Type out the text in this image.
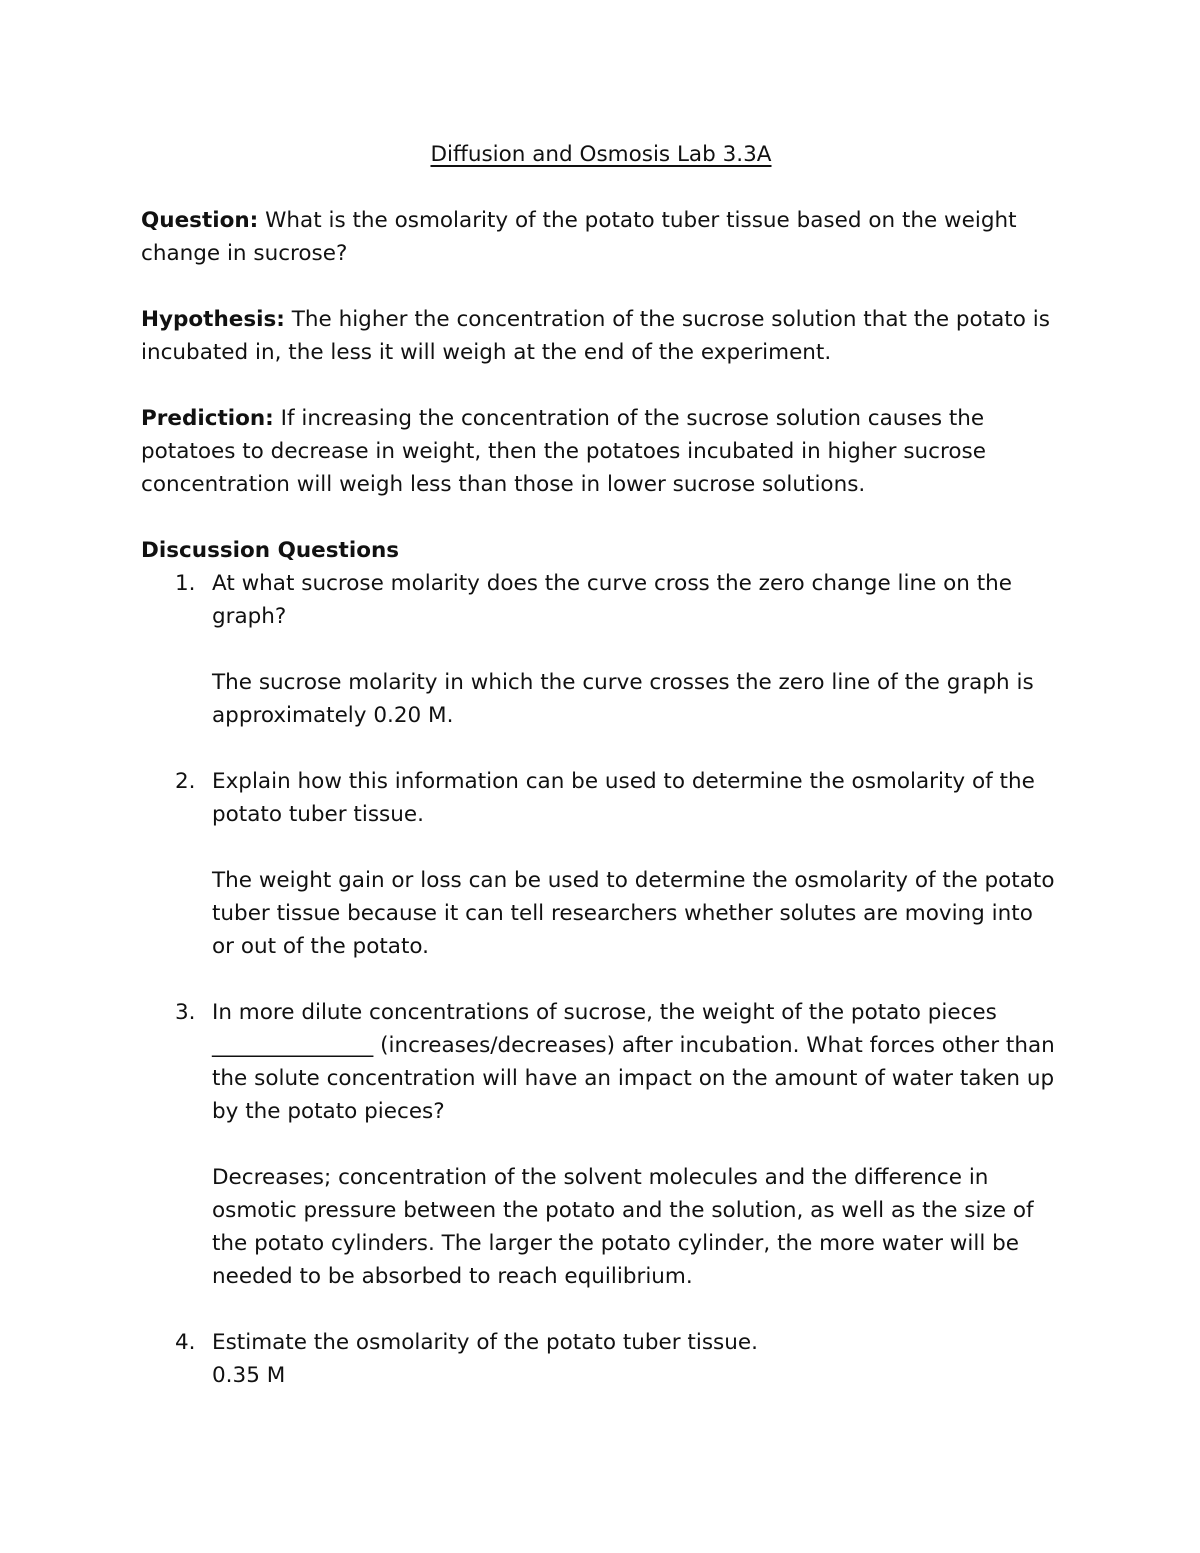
Diffusion and Osmosis Lab 3.3A

Question: What is the osmolarity of the potato tuber tissue based on the weight change in sucrose?

Hypothesis: The higher the concentration of the sucrose solution that the potato is incubated in, the less it will weigh at the end of the experiment.

Prediction: If increasing the concentration of the sucrose solution causes the potatoes to decrease in weight, then the potatoes incubated in higher sucrose concentration will weigh less than those in lower sucrose solutions.

Discussion Questions

1. At what sucrose molarity does the curve cross the zero change line on the graph?

The sucrose molarity in which the curve crosses the zero line of the graph is approximately 0.20 M.

2. Explain how this information can be used to determine the osmolarity of the potato tuber tissue.

The weight gain or loss can be used to determine the osmolarity of the potato tuber tissue because it can tell researchers whether solutes are moving into or out of the potato.

3. In more dilute concentrations of sucrose, the weight of the potato pieces _______________ (increases/decreases) after incubation. What forces other than the solute concentration will have an impact on the amount of water taken up by the potato pieces?

Decreases; concentration of the solvent molecules and the difference in osmotic pressure between the potato and the solution, as well as the size of the potato cylinders. The larger the potato cylinder, the more water will be needed to be absorbed to reach equilibrium.

4. Estimate the osmolarity of the potato tuber tissue.

0.35 M
